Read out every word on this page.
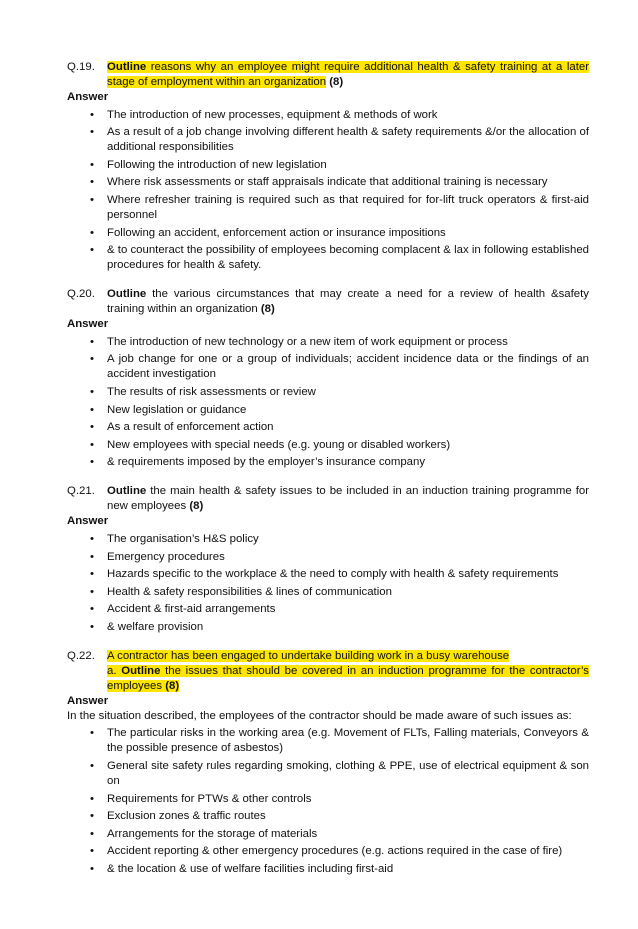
Q.19. Outline reasons why an employee might require additional health & safety training at a later stage of employment within an organization (8)
Answer
• The introduction of new processes, equipment & methods of work
• As a result of a job change involving different health & safety requirements &/or the allocation of additional responsibilities
• Following the introduction of new legislation
• Where risk assessments or staff appraisals indicate that additional training is necessary
• Where refresher training is required such as that required for for-lift truck operators & first-aid personnel
• Following an accident, enforcement action or insurance impositions
• & to counteract the possibility of employees becoming complacent & lax in following established procedures for health & safety.
Q.20. Outline the various circumstances that may create a need for a review of health &safety training within an organization (8)
Answer
• The introduction of new technology or a new item of work equipment or process
• A job change for one or a group of individuals; accident incidence data or the findings of an accident investigation
• The results of risk assessments or review
• New legislation or guidance
• As a result of enforcement action
• New employees with special needs (e.g. young or disabled workers)
• & requirements imposed by the employer’s insurance company
Q.21. Outline the main health & safety issues to be included in an induction training programme for new employees (8)
Answer
• The organisation’s H&S policy
• Emergency procedures
• Hazards specific to the workplace & the need to comply with health & safety requirements
• Health & safety responsibilities & lines of communication
• Accident & first-aid arrangements
• & welfare provision
Q.22. A contractor has been engaged to undertake building work in a busy warehouse
a. Outline the issues that should be covered in an induction programme for the contractor’s employees (8)
Answer
In the situation described, the employees of the contractor should be made aware of such issues as:
• The particular risks in the working area (e.g. Movement of FLTs, Falling materials, Conveyors & the possible presence of asbestos)
• General site safety rules regarding smoking, clothing & PPE, use of electrical equipment & son on
• Requirements for PTWs & other controls
• Exclusion zones & traffic routes
• Arrangements for the storage of materials
• Accident reporting & other emergency procedures (e.g. actions required in the case of fire)
• & the location & use of welfare facilities including first-aid
